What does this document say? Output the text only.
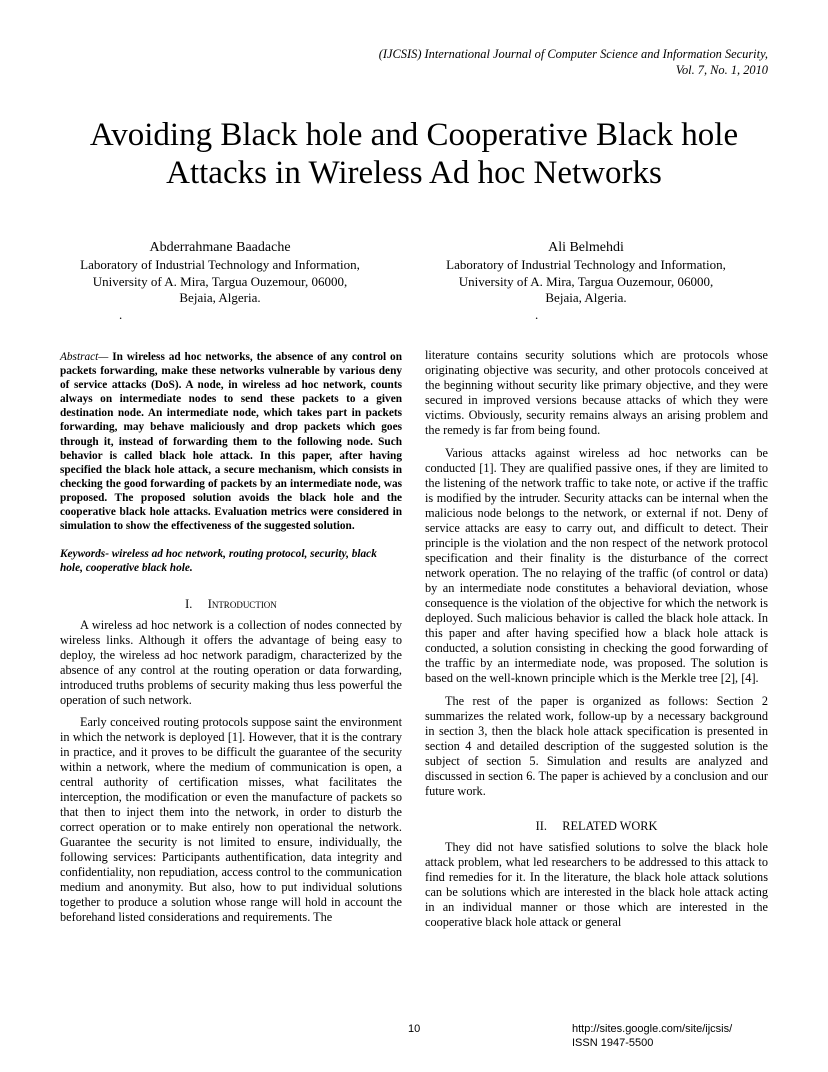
(IJCSIS) International Journal of Computer Science and Information Security,
Vol. 7, No. 1, 2010
Avoiding Black hole and Cooperative Black hole
Attacks in Wireless Ad hoc Networks
Abderrahmane Baadache
Laboratory of Industrial Technology and Information,
University of A. Mira, Targua Ouzemour, 06000,
Bejaia, Algeria.
.
Ali Belmehdi
Laboratory of Industrial Technology and Information,
University of A. Mira, Targua Ouzemour, 06000,
Bejaia, Algeria.
.

Abstract— In wireless ad hoc networks, the absence of any control on packets forwarding, make these networks vulnerable by various deny of service attacks (DoS). A node, in wireless ad hoc network, counts always on intermediate nodes to send these packets to a given destination node. An intermediate node, which takes part in packets forwarding, may behave maliciously and drop packets which goes through it, instead of forwarding them to the following node. Such behavior is called black hole attack. In this paper, after having specified the black hole attack, a secure mechanism, which consists in checking the good forwarding of packets by an intermediate node, was proposed. The proposed solution avoids the black hole and the cooperative black hole attacks. Evaluation metrics were considered in simulation to show the effectiveness of the suggested solution.

Keywords- wireless ad hoc network, routing protocol, security, black hole, cooperative black hole.

I. Introduction

A wireless ad hoc network is a collection of nodes connected by wireless links. Although it offers the advantage of being easy to deploy, the wireless ad hoc network paradigm, characterized by the absence of any control at the routing operation or data forwarding, introduced truths problems of security making thus less powerful the operation of such network.

Early conceived routing protocols suppose saint the environment in which the network is deployed [1]. However, that it is the contrary in practice, and it proves to be difficult the guarantee of the security within a network, where the medium of communication is open, a central authority of certification misses, what facilitates the interception, the modification or even the manufacture of packets so that then to inject them into the network, in order to disturb the correct operation or to make entirely non operational the network. Guarantee the security is not limited to ensure, individually, the following services: Participants authentification, data integrity and confidentiality, non repudiation, access control to the communication medium and anonymity. But also, how to put individual solutions together to produce a solution whose range will hold in account the beforehand listed considerations and requirements. The

literature contains security solutions which are protocols whose originating objective was security, and other protocols conceived at the beginning without security like primary objective, and they were secured in improved versions because attacks of which they were victims. Obviously, security remains always an arising problem and the remedy is far from being found.

Various attacks against wireless ad hoc networks can be conducted [1]. They are qualified passive ones, if they are limited to the listening of the network traffic to take note, or active if the traffic is modified by the intruder. Security attacks can be internal when the malicious node belongs to the network, or external if not. Deny of service attacks are easy to carry out, and difficult to detect. Their principle is the violation and the non respect of the network protocol specification and their finality is the disturbance of the correct network operation. The no relaying of the traffic (of control or data) by an intermediate node constitutes a behavioral deviation, whose consequence is the violation of the objective for which the network is deployed. Such malicious behavior is called the black hole attack. In this paper and after having specified how a black hole attack is conducted, a solution consisting in checking the good forwarding of the traffic by an intermediate node, was proposed. The solution is based on the well-known principle which is the Merkle tree [2], [4].

The rest of the paper is organized as follows: Section 2 summarizes the related work, follow-up by a necessary background in section 3, then the black hole attack specification is presented in section 4 and detailed description of the suggested solution is the subject of section 5. Simulation and results are analyzed and discussed in section 6. The paper is achieved by a conclusion and our future work.

II. RELATED WORK

They did not have satisfied solutions to solve the black hole attack problem, what led researchers to be addressed to this attack to find remedies for it. In the literature, the black hole attack solutions can be solutions which are interested in the black hole attack acting in an individual manner or those which are interested in the cooperative black hole attack or general

10	http://sites.google.com/site/ijcsis/
ISSN 1947-5500
